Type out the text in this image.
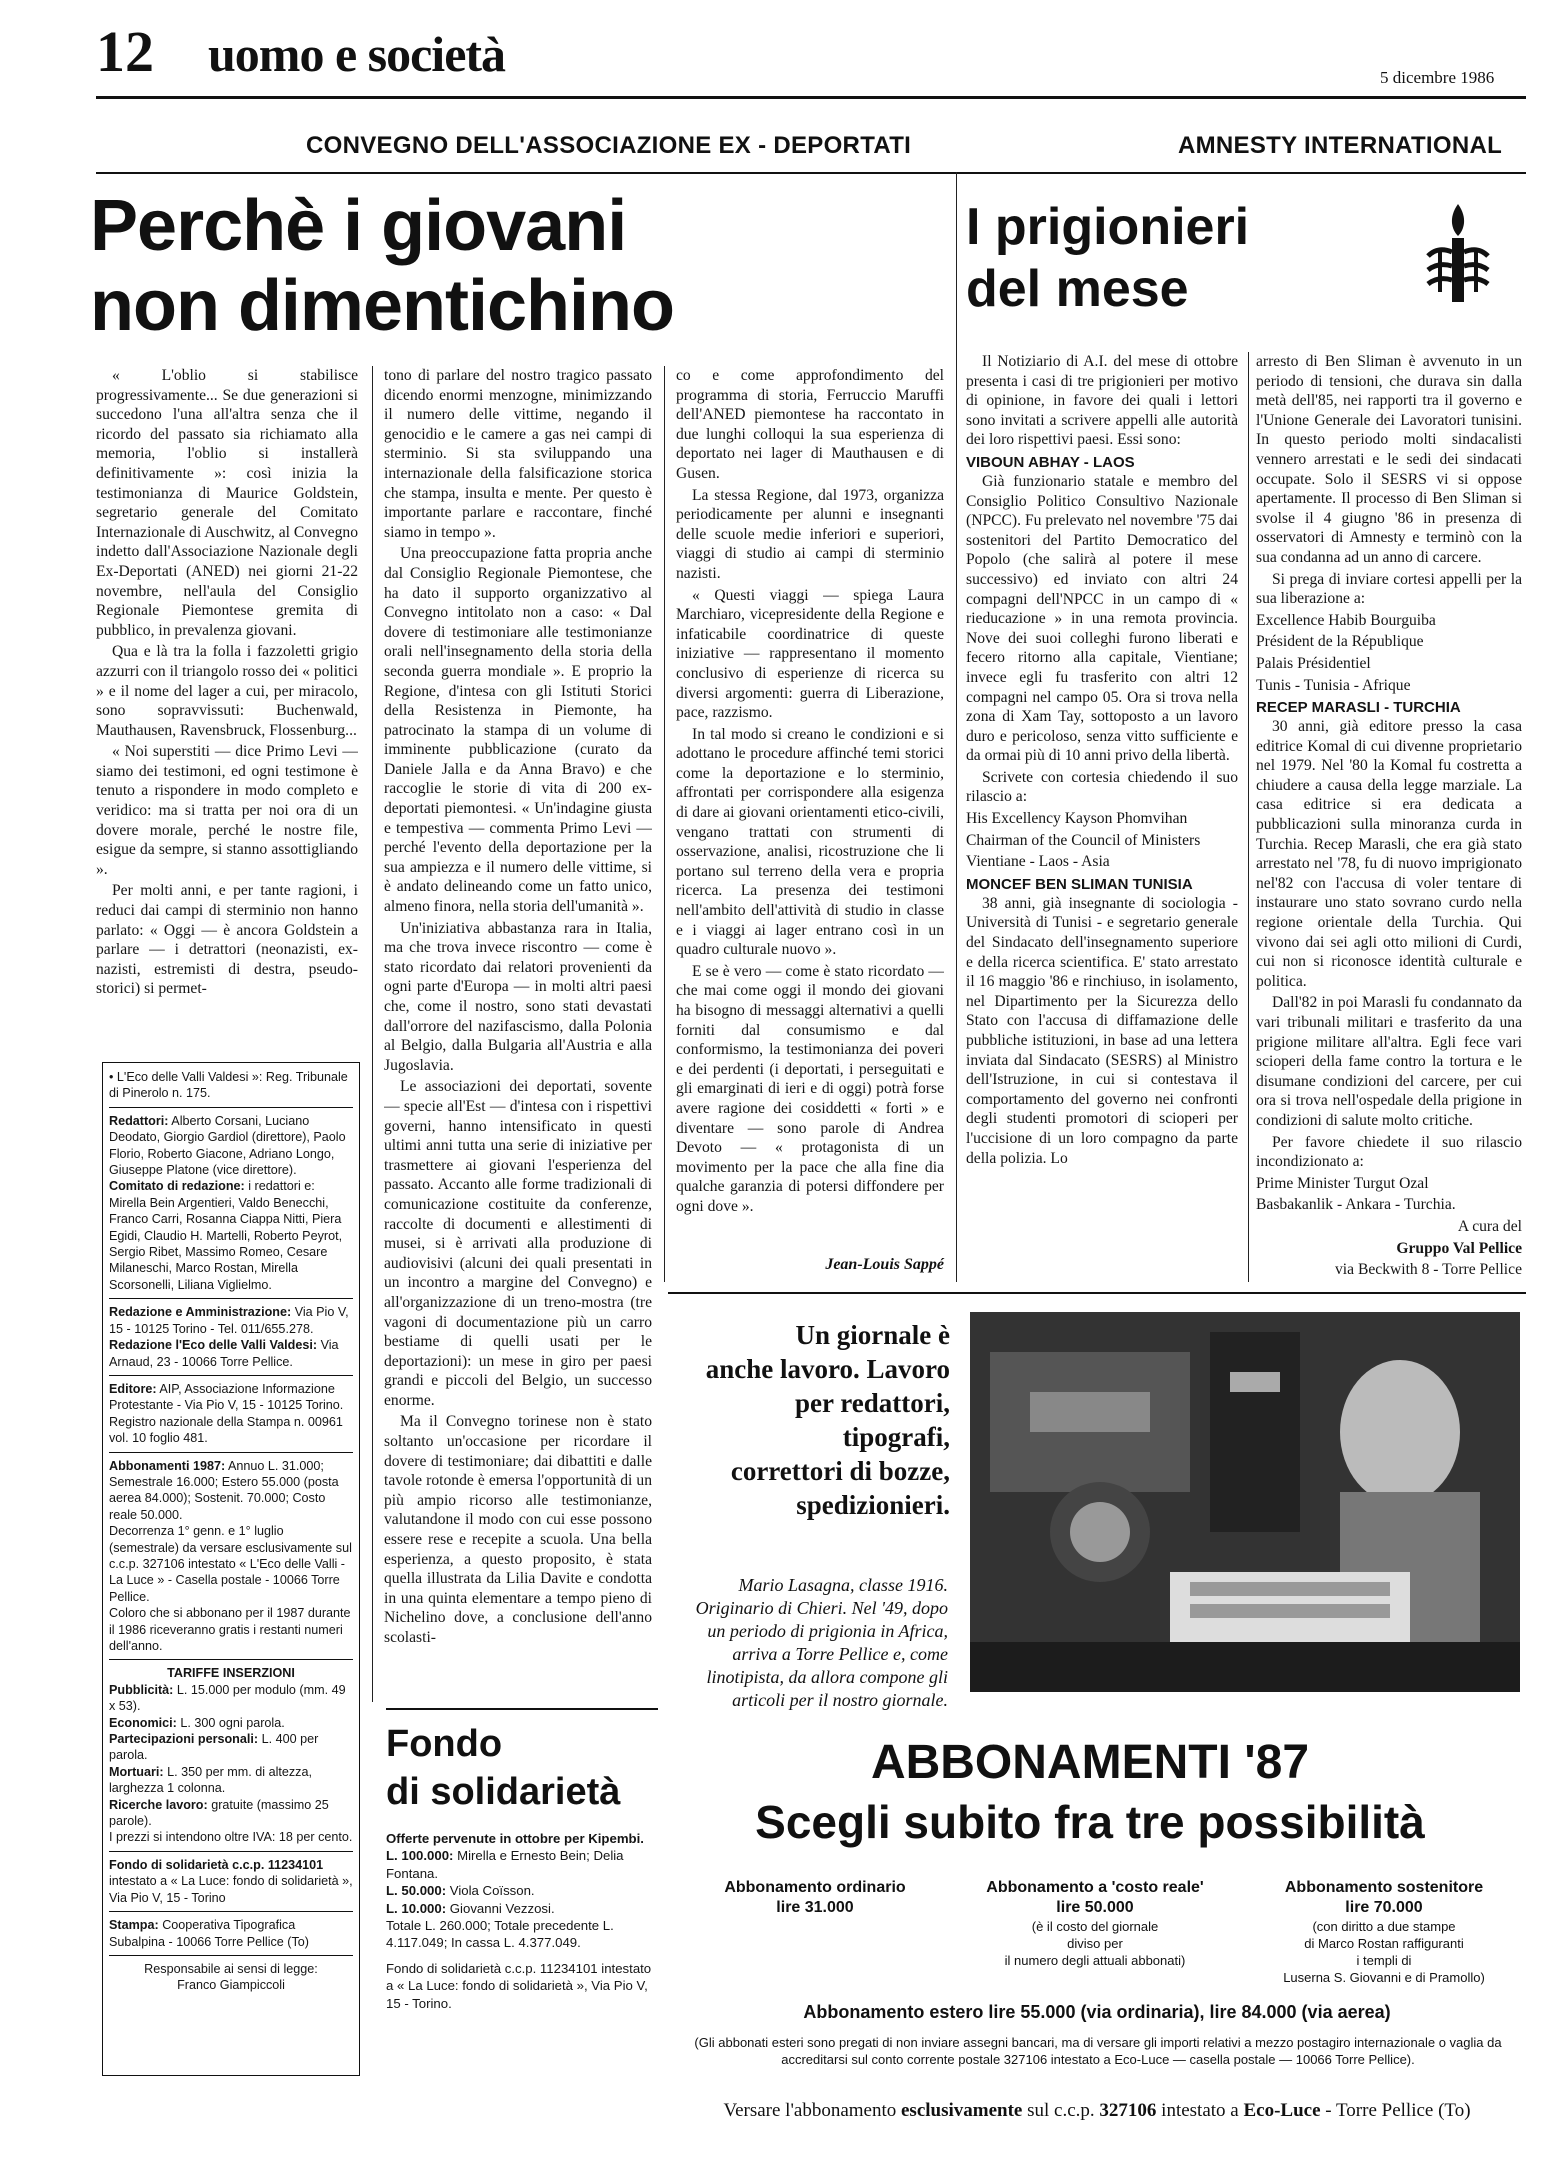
12 uomo e società	5 dicembre 1986
CONVEGNO DELL'ASSOCIAZIONE EX - DEPORTATI	AMNESTY INTERNATIONAL
Perchè i giovani
non dimentichino

« L'oblio si stabilisce progressivamente... Se due generazioni si succedono l'una all'altra senza che il ricordo del passato sia richiamato alla memoria, l'oblio si installerà definitivamente »: così inizia la testimonianza di Maurice Goldstein, segretario generale del Comitato Internazionale di Auschwitz, al Convegno indetto dall'Associazione Nazionale degli Ex-Deportati (ANED) nei giorni 21-22 novembre, nell'aula del Consiglio Regionale Piemontese gremita di pubblico, in prevalenza giovani.

Qua e là tra la folla i fazzoletti grigio azzurri con il triangolo rosso dei « politici » e il nome del lager a cui, per miracolo, sono sopravvissuti: Buchenwald, Mauthausen, Ravensbruck, Flossenburg...

« Noi superstiti — dice Primo Levi — siamo dei testimoni, ed ogni testimone è tenuto a rispondere in modo completo e veridico: ma si tratta per noi ora di un dovere morale, perché le nostre file, esigue da sempre, si stanno assottigliando ».

Per molti anni, e per tante ragioni, i reduci dai campi di sterminio non hanno parlato: « Oggi — è ancora Goldstein a parlare — i detrattori (neonazisti, ex-nazisti, estremisti di destra, pseudo-storici) si permet-

tono di parlare del nostro tragico passato dicendo enormi menzogne, minimizzando il numero delle vittime, negando il genocidio e le camere a gas nei campi di sterminio. Si sta sviluppando una internazionale della falsificazione storica che stampa, insulta e mente. Per questo è importante parlare e raccontare, finché siamo in tempo ».

Una preoccupazione fatta propria anche dal Consiglio Regionale Piemontese, che ha dato il supporto organizzativo al Convegno intitolato non a caso: « Dal dovere di testimoniare alle testimonianze orali nell'insegnamento della storia della seconda guerra mondiale ». E proprio la Regione, d'intesa con gli Istituti Storici della Resistenza in Piemonte, ha patrocinato la stampa di un volume di imminente pubblicazione (curato da Daniele Jalla e da Anna Bravo) e che raccoglie le storie di vita di 200 ex-deportati piemontesi. « Un'indagine giusta e tempestiva — commenta Primo Levi — perché l'evento della deportazione per la sua ampiezza e il numero delle vittime, si è andato delineando come un fatto unico, almeno finora, nella storia dell'umanità ».

Un'iniziativa abbastanza rara in Italia, ma che trova invece riscontro — come è stato ricordato dai relatori provenienti da ogni parte d'Europa — in molti altri paesi che, come il nostro, sono stati devastati dall'orrore del nazifascismo, dalla Polonia al Belgio, dalla Bulgaria all'Austria e alla Jugoslavia.

Le associazioni dei deportati, sovente — specie all'Est — d'intesa con i rispettivi governi, hanno intensificato in questi ultimi anni tutta una serie di iniziative per trasmettere ai giovani l'esperienza del passato. Accanto alle forme tradizionali di comunicazione costituite da conferenze, raccolte di documenti e allestimenti di musei, si è arrivati alla produzione di audiovisivi (alcuni dei quali presentati in un incontro a margine del Convegno) e all'organizzazione di un treno-mostra (tre vagoni di documentazione più un carro bestiame di quelli usati per le deportazioni): un mese in giro per paesi grandi e piccoli del Belgio, un successo enorme.

Ma il Convegno torinese non è stato soltanto un'occasione per ricordare il dovere di testimoniare; dai dibattiti e dalle tavole rotonde è emersa l'opportunità di un più ampio ricorso alle testimonianze, valutandone il modo con cui esse possono essere rese e recepite a scuola. Una bella esperienza, a questo proposito, è stata quella illustrata da Lilia Davite e condotta in una quinta elementare a tempo pieno di Nichelino dove, a conclusione dell'anno scolasti-

co e come approfondimento del programma di storia, Ferruccio Maruffi dell'ANED piemontese ha raccontato in due lunghi colloqui la sua esperienza di deportato nei lager di Mauthausen e di Gusen.

La stessa Regione, dal 1973, organizza periodicamente per alunni e insegnanti delle scuole medie inferiori e superiori, viaggi di studio ai campi di sterminio nazisti.

« Questi viaggi — spiega Laura Marchiaro, vicepresidente della Regione e infaticabile coordinatrice di queste iniziative — rappresentano il momento conclusivo di esperienze di ricerca su diversi argomenti: guerra di Liberazione, pace, razzismo.

In tal modo si creano le condizioni e si adottano le procedure affinché temi storici come la deportazione e lo sterminio, affrontati per corrispondere alla esigenza di dare ai giovani orientamenti etico-civili, vengano trattati con strumenti di osservazione, analisi, ricostruzione che li portano sul terreno della vera e propria ricerca. La presenza dei testimoni nell'ambito dell'attività di studio in classe e i viaggi ai lager entrano così in un quadro culturale nuovo ».

E se è vero — come è stato ricordato — che mai come oggi il mondo dei giovani ha bisogno di messaggi alternativi a quelli forniti dal consumismo e dal conformismo, la testimonianza dei poveri e dei perdenti (i deportati, i perseguitati e gli emarginati di ieri e di oggi) potrà forse avere ragione dei cosiddetti « forti » e diventare — sono parole di Andrea Devoto — « protagonista di un movimento per la pace che alla fine dia qualche garanzia di potersi diffondere per ogni dove ».

Jean-Louis Sappé
I prigionieri
del mese

Il Notiziario di A.I. del mese di ottobre presenta i casi di tre prigionieri per motivo di opinione, in favore dei quali i lettori sono invitati a scrivere appelli alle autorità dei loro rispettivi paesi. Essi sono:

VIBOUN ABHAY - LAOS

Già funzionario statale e membro del Consiglio Politico Consultivo Nazionale (NPCC). Fu prelevato nel novembre '75 dai sostenitori del Partito Democratico del Popolo (che salirà al potere il mese successivo) ed inviato con altri 24 compagni dell'NPCC in un campo di « rieducazione » in una remota provincia. Nove dei suoi colleghi furono liberati e fecero ritorno alla capitale, Vientiane; invece egli fu trasferito con altri 12 compagni nel campo 05. Ora si trova nella zona di Xam Tay, sottoposto a un lavoro duro e pericoloso, senza vitto sufficiente e da ormai più di 10 anni privo della libertà.

Scrivete con cortesia chiedendo il suo rilascio a:

His Excellency Kayson Phomvihan

Chairman of the Council of Ministers

Vientiane - Laos - Asia

MONCEF BEN SLIMAN TUNISIA

38 anni, già insegnante di sociologia - Università di Tunisi - e segretario generale del Sindacato dell'insegnamento superiore e della ricerca scientifica. E' stato arrestato il 16 maggio '86 e rinchiuso, in isolamento, nel Dipartimento per la Sicurezza dello Stato con l'accusa di diffamazione delle pubbliche istituzioni, in base ad una lettera inviata dal Sindacato (SESRS) al Ministro dell'Istruzione, in cui si contestava il comportamento del governo nei confronti degli studenti promotori di scioperi per l'uccisione di un loro compagno da parte della polizia. Lo

arresto di Ben Sliman è avvenuto in un periodo di tensioni, che durava sin dalla metà dell'85, nei rapporti tra il governo e l'Unione Generale dei Lavoratori tunisini. In questo periodo molti sindacalisti vennero arrestati e le sedi dei sindacati occupate. Solo il SESRS vi si oppose apertamente. Il processo di Ben Sliman si svolse il 4 giugno '86 in presenza di osservatori di Amnesty e terminò con la sua condanna ad un anno di carcere.

Si prega di inviare cortesi appelli per la sua liberazione a:

Excellence Habib Bourguiba

Président de la République

Palais Présidentiel

Tunis - Tunisia - Afrique

RECEP MARASLI - TURCHIA

30 anni, già editore presso la casa editrice Komal di cui divenne proprietario nel 1979. Nel '80 la Komal fu costretta a chiudere a causa della legge marziale. La casa editrice si era dedicata a pubblicazioni sulla minoranza curda in Turchia. Recep Marasli, che era già stato arrestato nel '78, fu di nuovo imprigionato nel'82 con l'accusa di voler tentare di instaurare uno stato sovrano curdo nella regione orientale della Turchia. Qui vivono dai sei agli otto milioni di Curdi, cui non si riconosce identità culturale e politica.

Dall'82 in poi Marasli fu condannato da vari tribunali militari e trasferito da una prigione militare all'altra. Egli fece vari scioperi della fame contro la tortura e le disumane condizioni del carcere, per cui ora si trova nell'ospedale della prigione in condizioni di salute molto critiche.

Per favore chiedete il suo rilascio incondizionato a:

Prime Minister Turgut Ozal

Basbakanlik - Ankara - Turchia.

A cura del

Gruppo Val Pellice

via Beckwith 8 - Torre Pellice

• L'Eco delle Valli Valdesi »: Reg. Tribunale di Pinerolo n. 175.

Redattori: Alberto Corsani, Luciano Deodato, Giorgio Gardiol (direttore), Paolo Florio, Roberto Giacone, Adriano Longo, Giuseppe Platone (vice direttore). Comitato di redazione: i redattori e: Mirella Bein Argentieri, Valdo Benecchi, Franco Carri, Rosanna Ciappa Nitti, Piera Egidi, Claudio H. Martelli, Roberto Peyrot, Sergio Ribet, Massimo Romeo, Cesare Milaneschi, Marco Rostan, Mirella Scorsonelli, Liliana Viglielmo.

Redazione e Amministrazione: Via Pio V, 15 - 10125 Torino - Tel. 011/655.278.

Redazione l'Eco delle Valli Valdesi: Via Arnaud, 23 - 10066 Torre Pellice.

Editore: AIP, Associazione Informazione Protestante - Via Pio V, 15 - 10125 Torino.

Registro nazionale della Stampa n. 00961 vol. 10 foglio 481.

Abbonamenti 1987: Annuo L. 31.000; Semestrale 16.000; Estero 55.000 (posta aerea 84.000); Sostenit. 70.000; Costo reale 50.000.

Decorrenza 1° genn. e 1° luglio (semestrale) da versare esclusivamente sul c.c.p. 327106 intestato « L'Eco delle Valli - La Luce » - Casella postale - 10066 Torre Pellice.

Coloro che si abbonano per il 1987 durante il 1986 riceveranno gratis i restanti numeri dell'anno.

TARIFFE INSERZIONI

Pubblicità: L. 15.000 per modulo (mm. 49 x 53).

Economici: L. 300 ogni parola.

Partecipazioni personali: L. 400 per parola.

Mortuari: L. 350 per mm. di altezza, larghezza 1 colonna.

Ricerche lavoro: gratuite (massimo 25 parole).

I prezzi si intendono oltre IVA: 18 per cento.

Fondo di solidarietà c.c.p. 11234101 intestato a « La Luce: fondo di solidarietà », Via Pio V, 15 - Torino

Stampa: Cooperativa Tipografica Subalpina - 10066 Torre Pellice (To)

Responsabile ai sensi di legge:

Franco Giampiccoli

Fondo
di solidarietà

Offerte pervenute in ottobre per Kipembi.

L. 100.000: Mirella e Ernesto Bein; Delia Fontana.

L. 50.000: Viola Coïsson.

L. 10.000: Giovanni Vezzosi.

Totale L. 260.000; Totale precedente L. 4.117.049; In cassa L. 4.377.049.

Fondo di solidarietà c.c.p. 11234101 intestato a « La Luce: fondo di solidarietà », Via Pio V, 15 - Torino.

Un giornale è
anche lavoro. Lavoro
per redattori,
tipografi,
correttori di bozze,
spedizionieri.
Mario Lasagna, classe 1916. Originario di Chieri. Nel '49, dopo un periodo di prigionia in Africa, arriva a Torre Pellice e, come linotipista, da allora compone gli articoli per il nostro giornale.
ABBONAMENTI '87
Scegli subito fra tre possibilità
Abbonamento ordinario
lire 31.000
Abbonamento a 'costo reale'
lire 50.000
(è il costo del giornale
diviso per
il numero degli attuali abbonati)
Abbonamento sostenitore
lire 70.000
(con diritto a due stampe
di Marco Rostan raffiguranti
i templi di
Luserna S. Giovanni e di Pramollo)
Abbonamento estero lire 55.000 (via ordinaria), lire 84.000 (via aerea)
(Gli abbonati esteri sono pregati di non inviare assegni bancari, ma di versare gli importi relativi a mezzo postagiro internazionale o vaglia da accreditarsi sul conto corrente postale 327106 intestato a Eco-Luce — casella postale — 10066 Torre Pellice).
Versare l'abbonamento esclusivamente sul c.c.p. 327106 intestato a Eco-Luce - Torre Pellice (To)
